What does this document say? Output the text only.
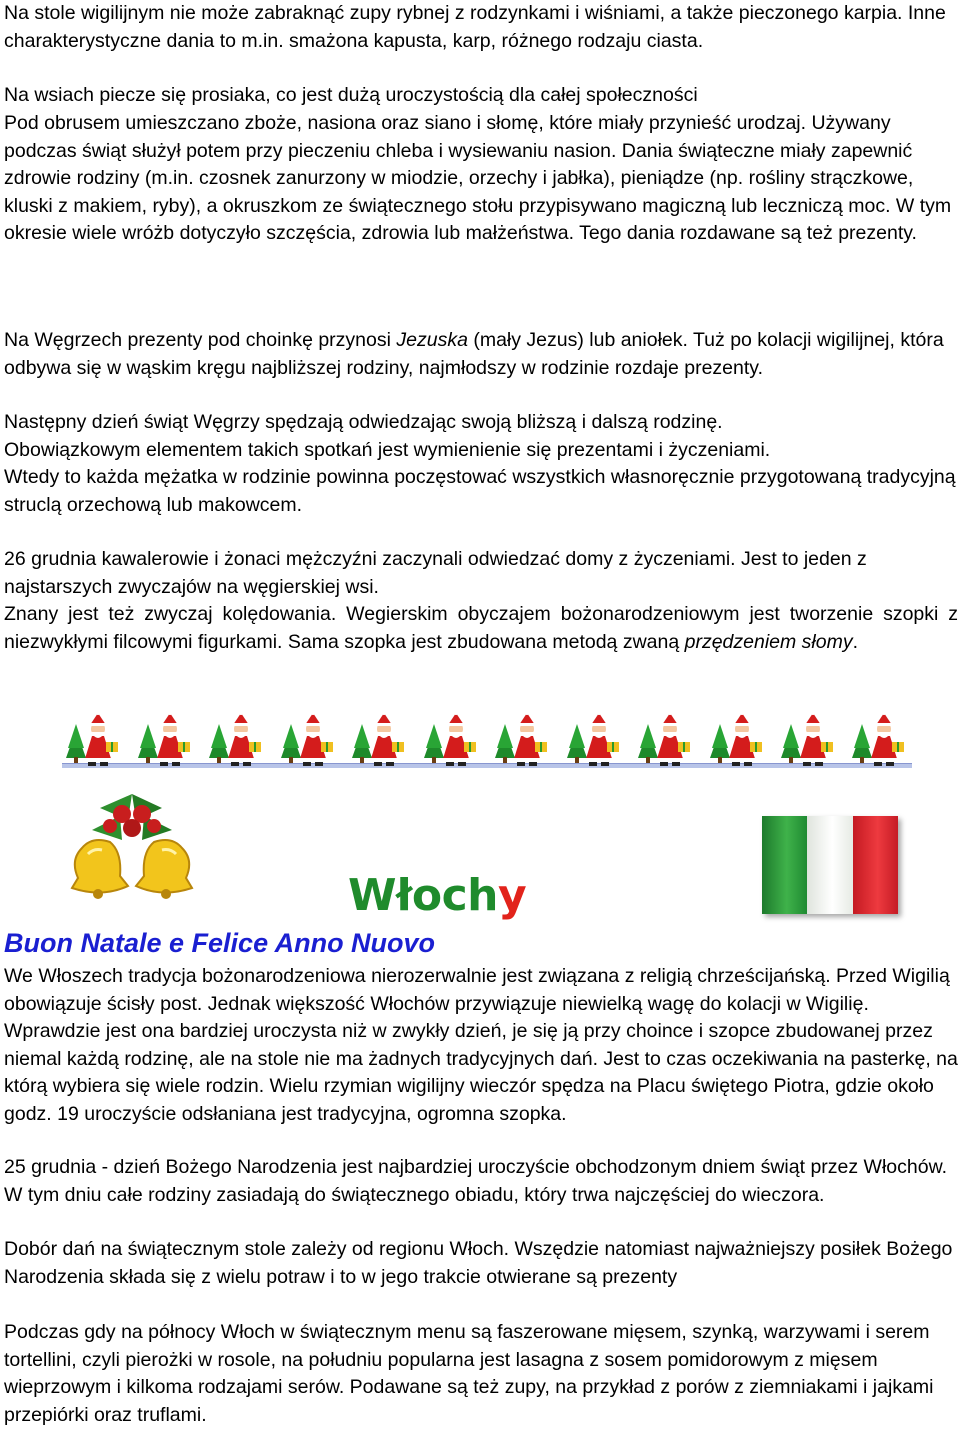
Na stole wigilijnym nie może zabraknąć zupy rybnej z rodzynkami i wiśniami, a także pieczonego karpia. Inne charakterystyczne dania to m.in. smażona kapusta, karp, różnego rodzaju ciasta.

Na wsiach piecze się prosiaka, co jest dużą uroczystością dla całej społeczności

Pod obrusem umieszczano zboże, nasiona oraz siano i słomę, które miały przynieść urodzaj. Używany podczas świąt służył potem przy pieczeniu chleba i wysiewaniu nasion. Dania świąteczne miały zapewnić zdrowie rodziny (m.in. czosnek zanurzony w miodzie, orzechy i jabłka), pieniądze (np. rośliny strączkowe, kluski z makiem, ryby), a okruszkom ze świątecznego stołu przypisywano magiczną lub leczniczą moc. W tym okresie wiele wróżb dotyczyło szczęścia, zdrowia lub małżeństwa. Tego dania rozdawane są też prezenty.

Na Węgrzech prezenty pod choinkę przynosi Jezuska (mały Jezus) lub aniołek. Tuż po kolacji wigilijnej, która odbywa się w wąskim kręgu najbliższej rodziny, najmłodszy w rodzinie rozdaje prezenty.

Następny dzień świąt Węgrzy spędzają odwiedzając swoją bliższą i dalszą rodzinę.

Obowiązkowym elementem takich spotkań jest wymienienie się prezentami i życzeniami.

Wtedy to każda mężatka w rodzinie powinna poczęstować wszystkich własnoręcznie przygotowaną tradycyjną struclą orzechową lub makowcem.

26 grudnia kawalerowie i żonaci mężczyźni zaczynali odwiedzać domy z życzeniami. Jest to jeden z najstarszych zwyczajów na węgierskiej wsi.

Znany jest też zwyczaj kolędowania. Wegierskim obyczajem bożonarodzeniowym jest tworzenie szopki z niezwykłymi filcowymi figurkami. Sama szopka jest zbudowana metodą zwaną przędzeniem słomy.

Włochy
Buon Natale e Felice Anno Nuovo

We Włoszech tradycja bożonarodzeniowa nierozerwalnie jest związana z religią chrześcijańską. Przed Wigilią obowiązuje ścisły post. Jednak większość Włochów przywiązuje niewielką wagę do kolacji w Wigilię. Wprawdzie jest ona bardziej uroczysta niż w zwykły dzień, je się ją przy choince i szopce zbudowanej przez niemal każdą rodzinę, ale na stole nie ma żadnych tradycyjnych dań. Jest to czas oczekiwania na pasterkę, na którą wybiera się wiele rodzin. Wielu rzymian wigilijny wieczór spędza na Placu świętego Piotra, gdzie około godz. 19 uroczyście odsłaniana jest tradycyjna, ogromna szopka.

25 grudnia - dzień Bożego Narodzenia jest najbardziej uroczyście obchodzonym dniem świąt przez Włochów. W tym dniu całe rodziny zasiadają do świątecznego obiadu, który trwa najczęściej do wieczora.

Dobór dań na świątecznym stole zależy od regionu Włoch. Wszędzie natomiast najważniejszy posiłek Bożego Narodzenia składa się z wielu potraw i to w jego trakcie otwierane są prezenty

Podczas gdy na północy Włoch w świątecznym menu są faszerowane mięsem, szynką, warzywami i serem tortellini, czyli pierożki w rosole, na południu popularna jest lasagna z sosem pomidorowym z mięsem wieprzowym i kilkoma rodzajami serów. Podawane są też zupy, na przykład z porów z ziemniakami i jajkami przepiórki oraz truflami.
